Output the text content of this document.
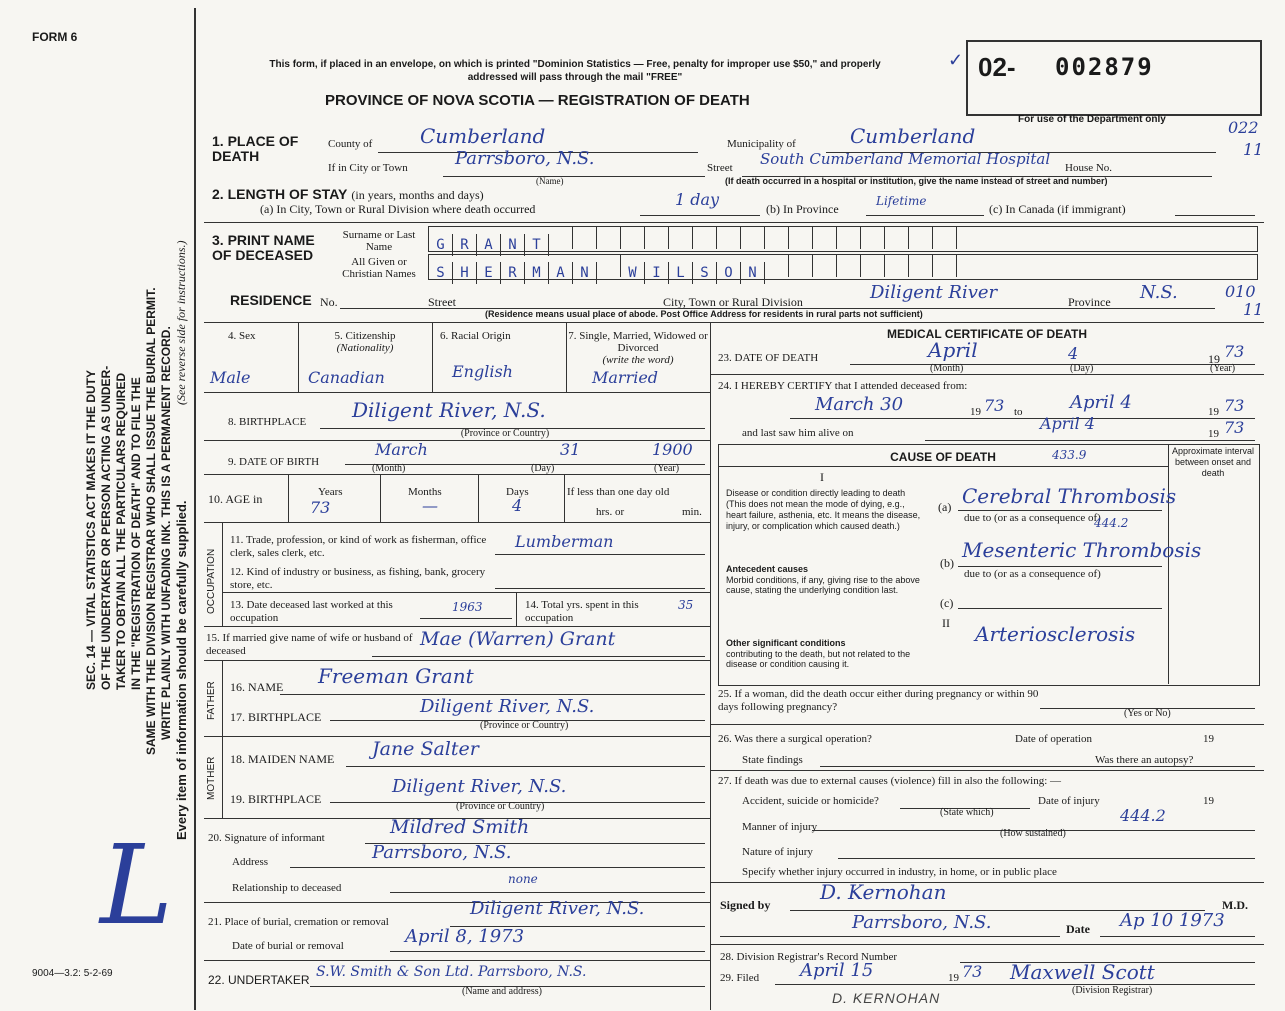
FORM 6
SEC. 14 — VITAL STATISTICS ACT MAKES IT THE DUTY OF THE UNDERTAKER OR PERSON ACTING AS UNDER- TAKER TO OBTAIN ALL THE PARTICULARS REQUIRED IN THE "REGISTRATION OF DEATH" AND TO FILE THE SAME WITH THE DIVISION REGISTRAR WHO SHALL ISSUE THE BURIAL PERMIT. WRITE PLAINLY WITH UNFADING INK. THIS IS A PERMANENT RECORD. Every item of information should be carefully supplied.
(See reverse side for instructions.)
L
9004—3.2: 5-2-69
This form, if placed in an envelope, on which is printed "Dominion Statistics — Free, penalty for improper use $50," and properly addressed will pass through the mail "FREE"
PROVINCE OF NOVA SCOTIA — REGISTRATION OF DEATH
✓ 02- 002879
For use of the Department only	022
11
010
11
1. PLACE OF DEATH
County of Cumberland	Municipality of	Cumberland
If in City or Town	Parrsboro, N.S.
(Name)
Street South Cumberland Memorial Hospital House No.
(If death occurred in a hospital or institution, give the name instead of street and number)
2. LENGTH OF STAY (in years, months and days)
(a) In City, Town or Rural Division where death occurred	1 day	(b) In Province
Lifetime
(c) In Canada (if immigrant)
3. PRINT NAME OF DECEASED
Surname or Last Name
All Given or Christian Names
G R A N T
S H E R M A N	W I L S O N
RESIDENCE No.	Street	City, Town or Rural Division	Diligent River	Province N.S.
(Residence means usual place of abode. Post Office Address for residents in rural parts not sufficient)
4. Sex
Male
5. Citizenship
(Nationality)
Canadian
6. Racial Origin
English
7. Single, Married, Widowed or Divorced
(write the word)
Married
8. BIRTHPLACE Diligent River, N.S.
(Province or Country)
9. DATE OF BIRTH
March	31	1900
(Month)	(Day)	(Year)
10. AGE in	Years
73
Months
—
Days
4
If less than one day old
hrs. or	min.
OCCUPATION
11. Trade, profession, or kind of work as fisherman, office clerk, sales clerk, etc.
Lumberman
12. Kind of industry or business, as fishing, bank, grocery store, etc.
13. Date deceased last worked at this occupation
1963	14. Total yrs. spent in this occupation
35
15. If married give name of wife or husband of deceased
Mae (Warren) Grant
FATHER 16. NAME Freeman Grant
17. BIRTHPLACE	Diligent River, N.S.
(Province or Country)
MOTHER 18. MAIDEN NAME Jane Salter
19. BIRTHPLACE
Diligent River, N.S.
(Province or Country)
20. Signature of informant	Mildred Smith
Address	Parrsboro, N.S.
Relationship to deceased
none
21. Place of burial, cremation or removal
Diligent River, N.S.
Date of burial or removal	April 8, 1973
22. UNDERTAKER S.W. Smith & Son Ltd. Parrsboro, N.S.
(Name and address)
MEDICAL CERTIFICATE OF DEATH
23. DATE OF DEATH	April	4	19 73
(Month)	(Day)	(Year)
24. I HEREBY CERTIFY that I attended deceased from:
March 30	19 73 to	April 4	19 73
and last saw him alive on	April 4
19 73
CAUSE OF DEATH	Approximate interval between onset and death
433.9
I
Disease or condition directly leading to death (This does not mean the mode of dying, e.g., heart failure, asthenia, etc. It means the disease, injury, or complication which caused death.)
(a) Cerebral Thrombosis
due to (or as a consequence of)
444.2
Antecedent causes
Morbid conditions, if any, giving rise to the above cause, stating the underlying condition last.
(b)
Mesenteric Thrombosis
due to (or as a consequence of)
(c)
II
Other significant conditions
contributing to the death, but not related to the disease or condition causing it.
Arteriosclerosis
25. If a woman, did the death occur either during pregnancy or within 90 days following pregnancy?
(Yes or No)
26. Was there a surgical operation?	Date of operation	19
State findings	Was there an autopsy?
27. If death was due to external causes (violence) fill in also the following: —
Accident, suicide or homicide?
(State which)
Date of injury	19
Manner of injury
444.2
(How sustained)
Nature of injury
Specify whether injury occurred in industry, in home, or in public place
Signed by
D. Kernohan
M.D.
Parrsboro, N.S.	Date Ap 10 1973
28. Division Registrar's Record Number
29. Filed April 15	19 73 Maxwell Scott
(Division Registrar)
D. KERNOHAN
